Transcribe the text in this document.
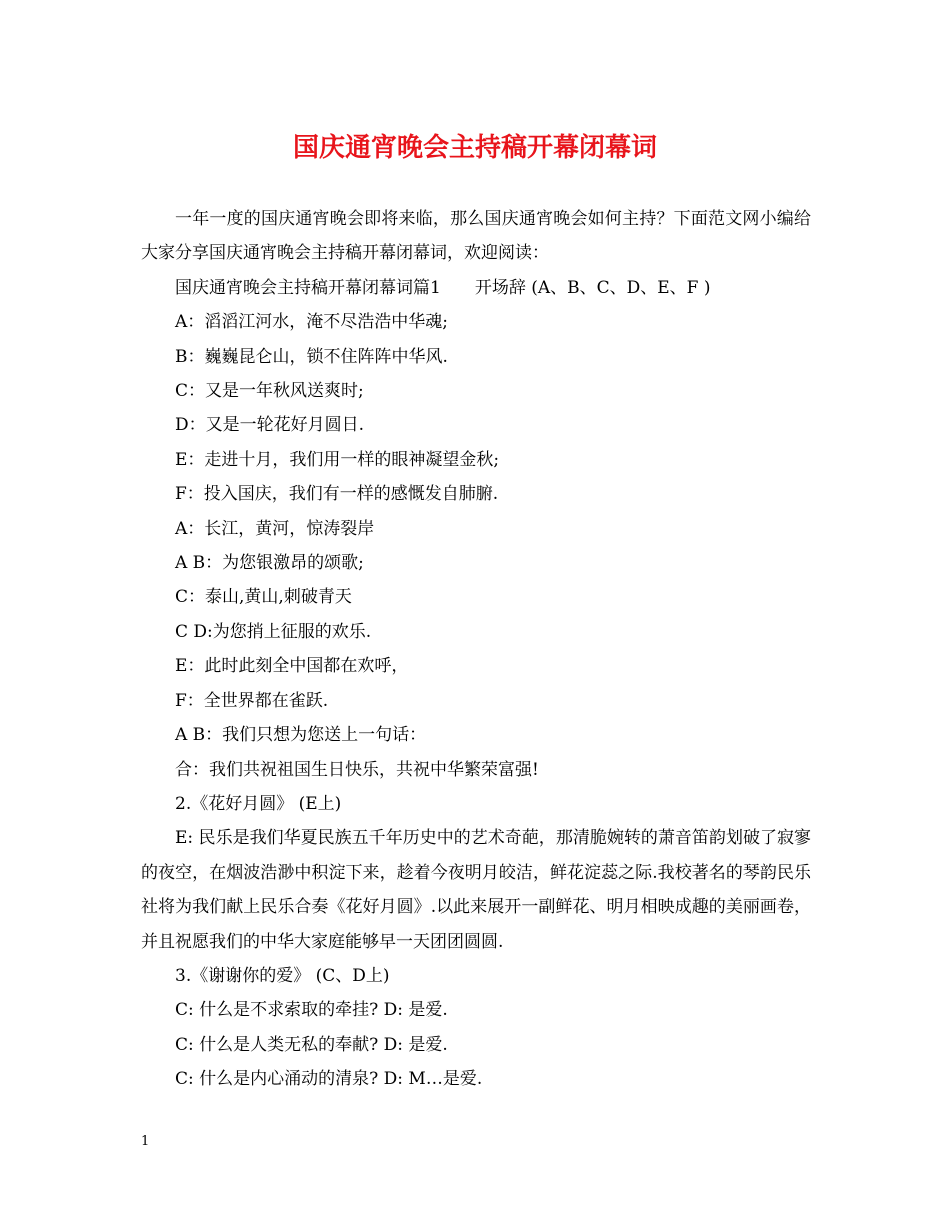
国庆通宵晚会主持稿开幕闭幕词

一年一度的国庆通宵晚会即将来临，那么国庆通宵晚会如何主持？下面范文网小编给大家分享国庆通宵晚会主持稿开幕闭幕词，欢迎阅读：

国庆通宵晚会主持稿开幕闭幕词篇1　　开场辞 (A、B、C、D、E、F )

A：滔滔江河水，淹不尽浩浩中华魂;

B：巍巍昆仑山，锁不住阵阵中华风.

C：又是一年秋风送爽时;

D：又是一轮花好月圆日.

E：走进十月，我们用一样的眼神凝望金秋;

F：投入国庆，我们有一样的感慨发自肺腑.

A：长江，黄河，惊涛裂岸

A B：为您银激昂的颂歌;

C：泰山,黄山,刺破青天

C D:为您捎上征服的欢乐.

E：此时此刻全中国都在欢呼，

F：全世界都在雀跃.

A B：我们只想为您送上一句话：

合：我们共祝祖国生日快乐，共祝中华繁荣富强!

2.《花好月圆》 (E上)

E: 民乐是我们华夏民族五千年历史中的艺术奇葩，那清脆婉转的萧音笛韵划破了寂寥的夜空，在烟波浩渺中积淀下来，趁着今夜明月皎洁，鲜花淀蕊之际.我校著名的琴韵民乐社将为我们献上民乐合奏《花好月圆》.以此来展开一副鲜花、明月相映成趣的美丽画卷，并且祝愿我们的中华大家庭能够早一天团团圆圆.

3.《谢谢你的爱》 (C、D上)

C: 什么是不求索取的牵挂? D: 是爱.

C: 什么是人类无私的奉献? D: 是爱.

C: 什么是内心涌动的清泉? D: M…是爱.

1
